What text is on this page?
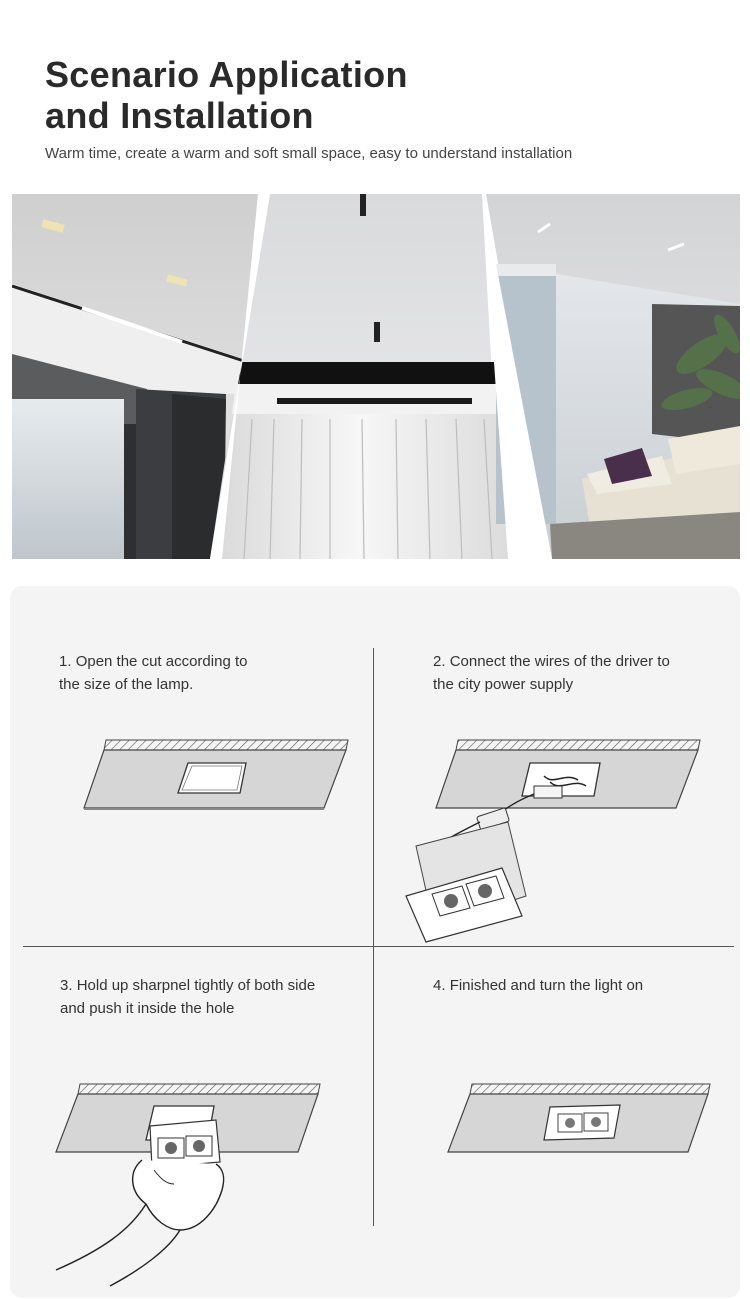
Scenario Application
and Installation
Warm time, create a warm and soft small space, easy to understand installation
1. Open the cut according to
the size of the lamp.
2. Connect the wires of the driver to
the city power supply
3. Hold up sharpnel tightly of both side
and push it inside the hole
4. Finished and turn the light on
